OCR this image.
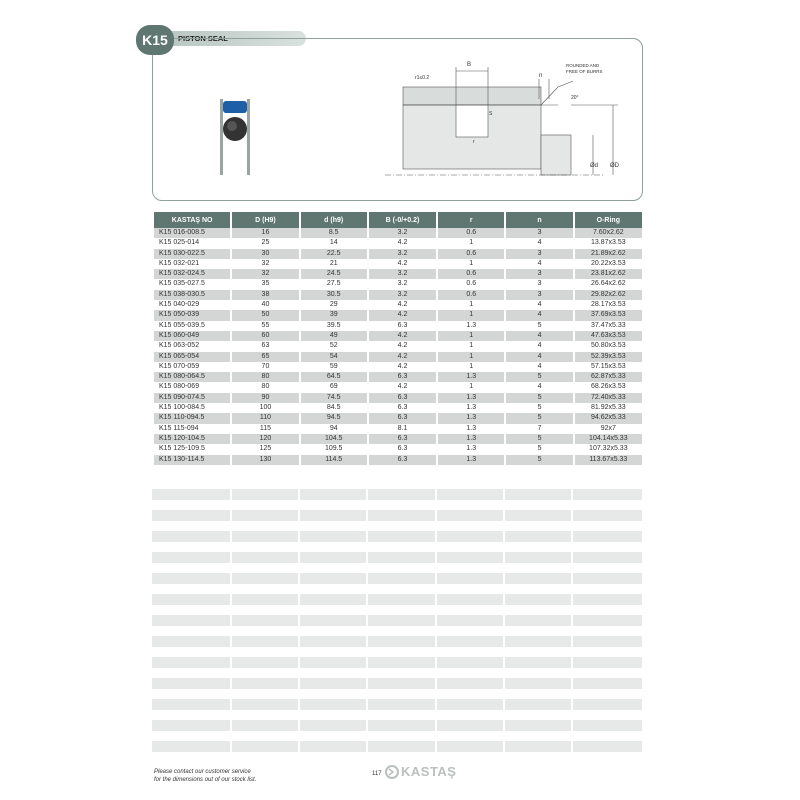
K15	PISTON SEAL
B
n
r1≤0.2
ROUNDED AND
FREE OF BURRS
20°
S
r
Ød ØD
KASTAŞ NO	D (H9)	d (h9)	B (-0/+0.2)	r	n	O-Ring
K15 016-008.5	16	8.5	3.2	0.6	3	7.60x2.62
K15 025-014	25	14	4.2	1	4	13.87x3.53
K15 030-022.5	30	22.5	3.2	0.6	3	21.89x2.62
K15 032-021	32	21	4.2	1	4	20.22x3.53
K15 032-024.5	32	24.5	3.2	0.6	3	23.81x2.62
K15 035-027.5	35	27.5	3.2	0.6	3	26.64x2.62
K15 038-030.5	38	30.5	3.2	0.6	3	29.82x2.62
K15 040-029	40	29	4.2	1	4	28.17x3.53
K15 050-039	50	39	4.2	1	4	37.69x3.53
K15 055-039.5	55	39.5	6.3	1.3	5	37.47x5.33
K15 060-049	60	49	4.2	1	4	47.63x3.53
K15 063-052	63	52	4.2	1	4	50.80x3.53
K15 065-054	65	54	4.2	1	4	52.39x3.53
K15 070-059	70	59	4.2	1	4	57.15x3.53
K15 080-064.5	80	64.5	6.3	1.3	5	62.87x5.33
K15 080-069	80	69	4.2	1	4	68.26x3.53
K15 090-074.5	90	74.5	6.3	1.3	5	72.40x5.33
K15 100-084.5	100	84.5	6.3	1.3	5	81.92x5.33
K15 110-094.5	110	94.5	6.3	1.3	5	94.62x5.33
K15 115-094	115	94	8.1	1.3	7	92x7
K15 120-104.5	120	104.5	6.3	1.3	5	104.14x5.33
K15 125-109.5	125	109.5	6.3	1.3	5	107.32x5.33
K15 130-114.5	130	114.5	6.3	1.3	5	113.67x5.33
Please contact our customer service
for the dimensions out of our stock list.
117 KASTAŞ
